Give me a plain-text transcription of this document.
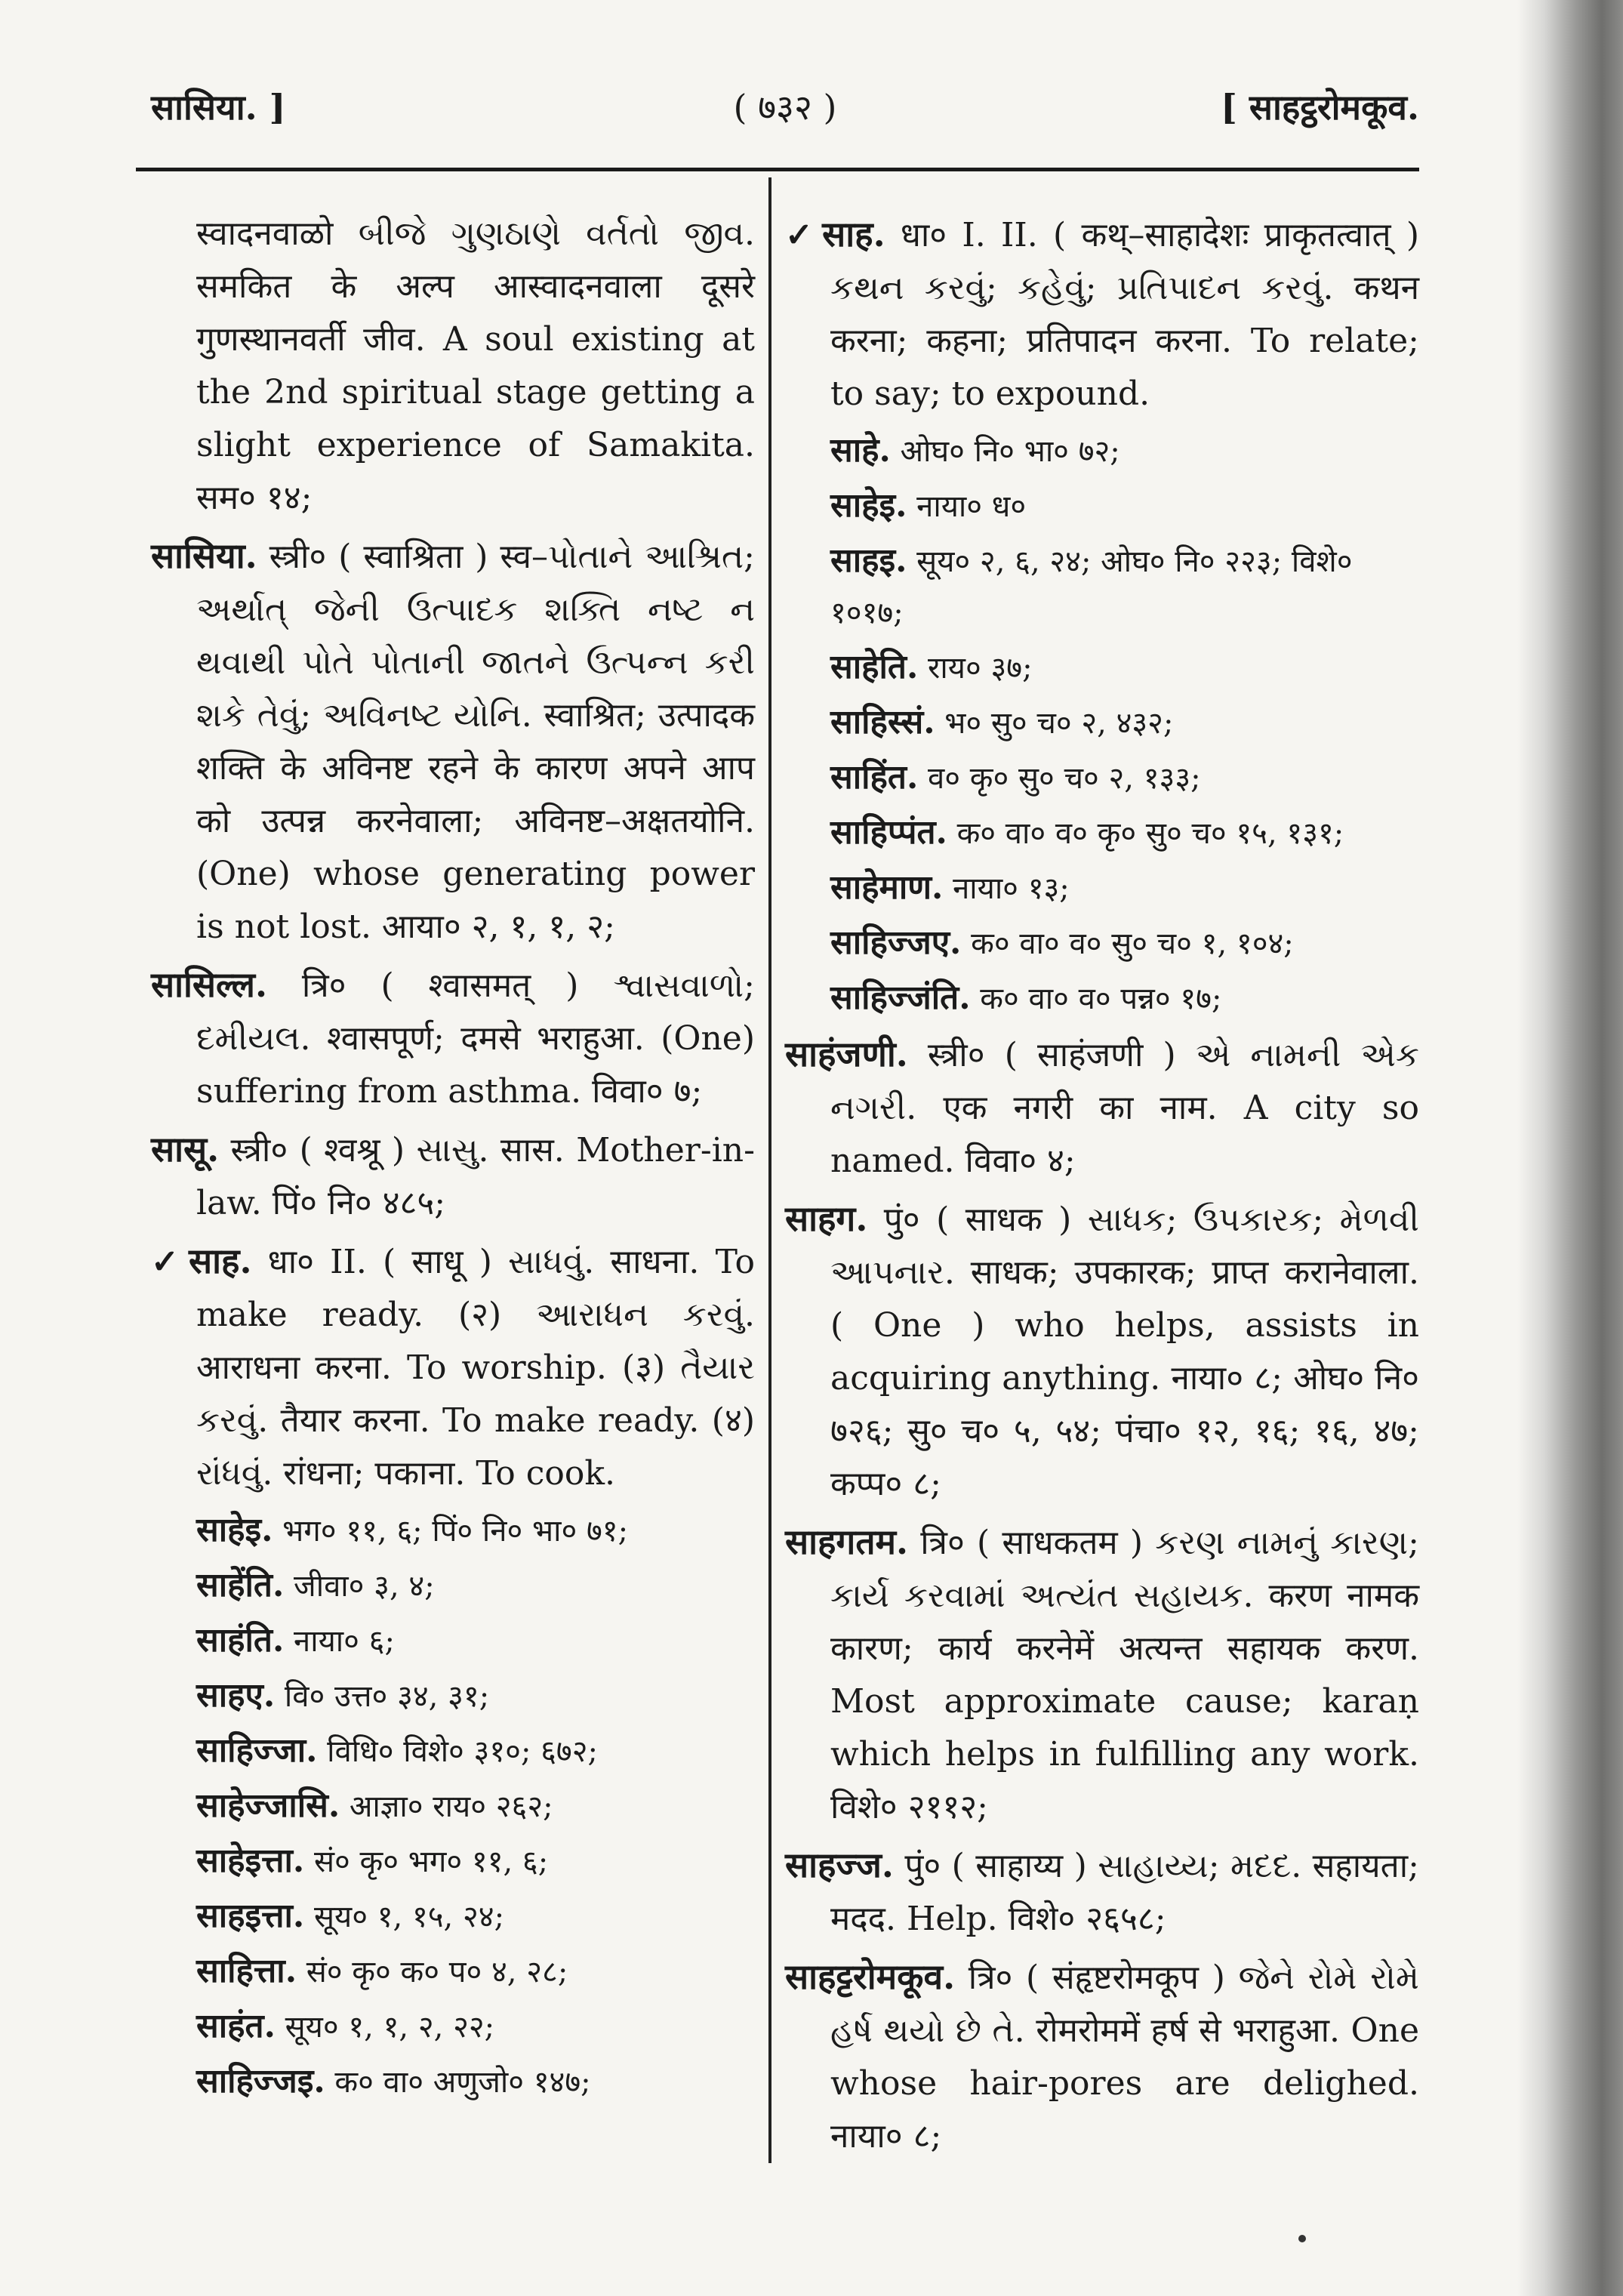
सासिया. ]	( ७३२ )	[ साहट्ठरोमकूव.
स्वादनवाळो બીજે ગુણઠાણે વર્તતો જીવ. समकित के अल्प आस्वादनवाला दूसरे गुणस्थानवर्ती जीव. A soul existing at the 2nd spiritual stage getting a slight experience of Samakita. सम० १४;
सासिया. स्त्री० ( स्वाश्रिता ) स्व–પોતાને આશ્રિત; અર્થાત્ જેની ઉત્પાદક શક્તિ નષ્ટ ન થવાથી પોતે પોતાની જાતને ઉત્પન્ન કરી શકે તેવું; અવિનષ્ટ યોનિ. स्वाश्रित; उत्पादक शक्ति के अविनष्ट रहने के कारण अपने आप को उत्पन्न करनेवाला; अविनष्ट–अक्षतयोनि. (One) whose generating power is not lost. आया० २, १, १, २;
सासिल्ल. त्रि० ( श्वासमत् ) શ્વાસવાળો; દમીયલ. श्वासपूर्ण; दमसे भराहुआ. (One) suffering from asthma. विवा० ७;
सासू. स्त्री० ( श्वश्रू ) સાસુ. सास. Mother-in-law. पिं० नि० ४८५;
✓ साह. धा० II. ( साधू ) સાધવું. साधना. To make ready. (२) આરાધન કરવું. आराधना करना. To worship. (३) તૈયાર કરવું. तैयार करना. To make ready. (४) રાંધવું. रांधना; पकाना. To cook.
साहेइ. भग० ११, ६; पिं० नि० भा० ७१;
साहेंति. जीवा० ३, ४;
साहंति. नाया० ६;
साहए. वि० उत्त० ३४, ३१;
साहिज्जा. विधि० विशे० ३१०; ६७२;
साहेज्जासि. आज्ञा० राय० २६२;
साहेइत्ता. सं० कृ० भग० ११, ६;
साहइत्ता. सूय० १, १५, २४;
साहित्ता. सं० कृ० क० प० ४, २८;
साहंत. सूय० १, १, २, २२;
साहिज्जइ. क० वा० अणुजो० १४७;
✓ साह. धा० I. II. ( कथ्–साहादेशः प्राकृतत्वात् ) કથન કરવું; કહેવું; પ્રતિપાદન કરવું. कथन करना; कहना; प्रतिपादन करना. To relate; to say; to expound.
साहे. ओघ० नि० भा० ७२;
साहेइ. नाया० ध०
साहइ. सूय० २, ६, २४; ओघ० नि० २२३; विशे० १०१७;
साहेति. राय० ३७;
साहिस्सं. भ० सु० च० २, ४३२;
साहिंत. व० कृ० सु० च० २, १३३;
साहिप्पंत. क० वा० व० कृ० सु० च० १५, १३१;
साहेमाण. नाया० १३;
साहिज्जए. क० वा० व० सु० च० १, १०४;
साहिज्जंति. क० वा० व० पन्न० १७;
साहंजणी. स्त्री० ( साहंजणी ) એ નામની એક નગરી. एक नगरी का नाम. A city so named. विवा० ४;
साहग. पुं० ( साधक ) સાધક; ઉપકારક; મેળવી આપનાર. साधक; उपकारक; प्राप्त करानेवाला. ( One ) who helps, assists in acquiring anything. नाया० ८; ओघ० नि० ७२६; सु० च० ५, ५४; पंचा० १२, १६; १६, ४७; कप्प० ८;
साहगतम. त्रि० ( साधकतम ) કરણ નામનું કારણ; કાર્ય કરવામાં અત્યંત સહાયક. करण नामक कारण; कार्य करनेमें अत्यन्त सहायक करण. Most approximate cause; karaṇ which helps in fulfilling any work. विशे० २११२;
साहज्ज. पुं० ( साहाय्य ) સાહાય્ય; મદદ. सहायता; मदद. Help. विशे० २६५८;
साहट्टरोमकूव. त्रि० ( संहृष्टरोमकूप ) જેને રોમે રોમે હર્ષ થયો છે તે. रोमरोममें हर्ष से भराहुआ. One whose hair-pores are delighed. नाया० ८;
